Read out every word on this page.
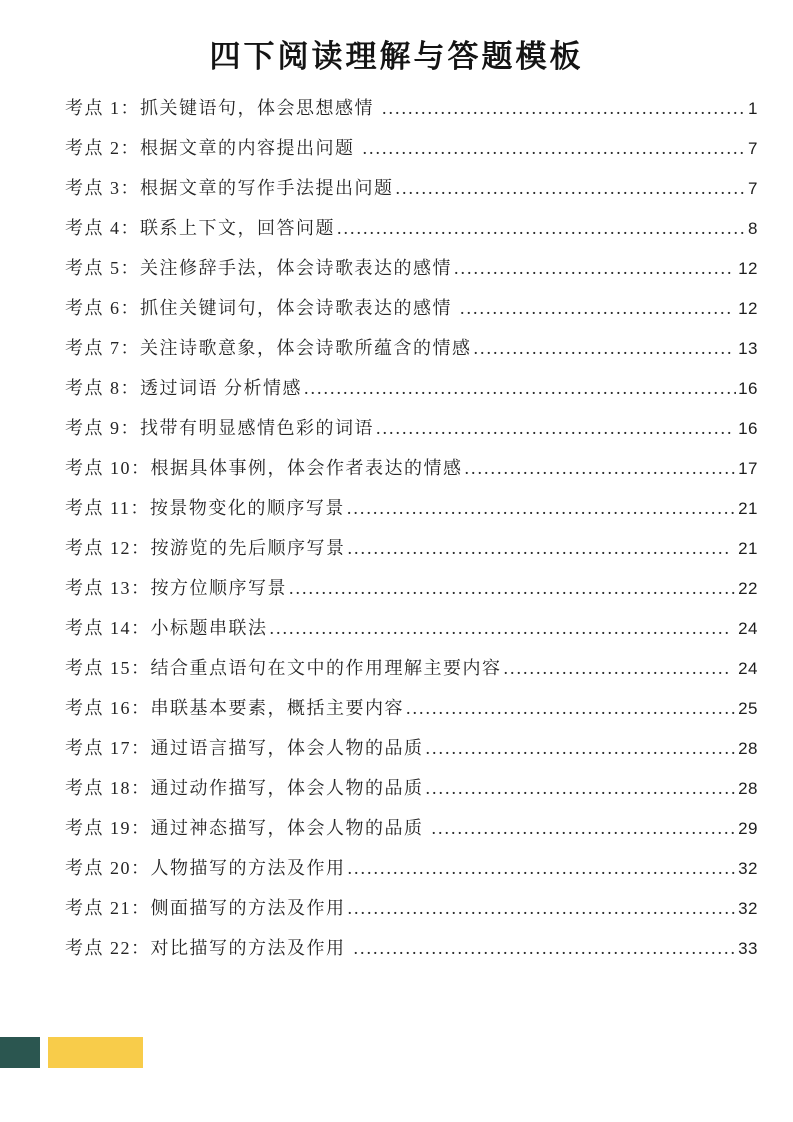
四下阅读理解与答题模板
考点 1：抓关键语句，体会思想感情 .....	1
考点 2：根据文章的内容提出问题 .....	7
考点 3：根据文章的写作手法提出问题 .....	7
考点 4：联系上下文，回答问题 .....	8
考点 5：关注修辞手法，体会诗歌表达的感情 .....	12
考点 6：抓住关键词句，体会诗歌表达的感情 .....	12
考点 7：关注诗歌意象，体会诗歌所蕴含的情感 .....	13
考点 8：透过词语 分析情感 .....	16
考点 9：找带有明显感情色彩的词语 .....	16
考点 10：根据具体事例，体会作者表达的情感 .....	17
考点 11：按景物变化的顺序写景 .....	21
考点 12：按游览的先后顺序写景 .....	21
考点 13：按方位顺序写景 .....	22
考点 14：小标题串联法 .....	24
考点 15：结合重点语句在文中的作用理解主要内容 .....	24
考点 16：串联基本要素，概括主要内容 .....	25
考点 17：通过语言描写，体会人物的品质 .....	28
考点 18：通过动作描写，体会人物的品质 .....	28
考点 19：通过神态描写，体会人物的品质 .....	29
考点 20：人物描写的方法及作用 .....	32
考点 21：侧面描写的方法及作用 .....	32
考点 22：对比描写的方法及作用 .....	33
